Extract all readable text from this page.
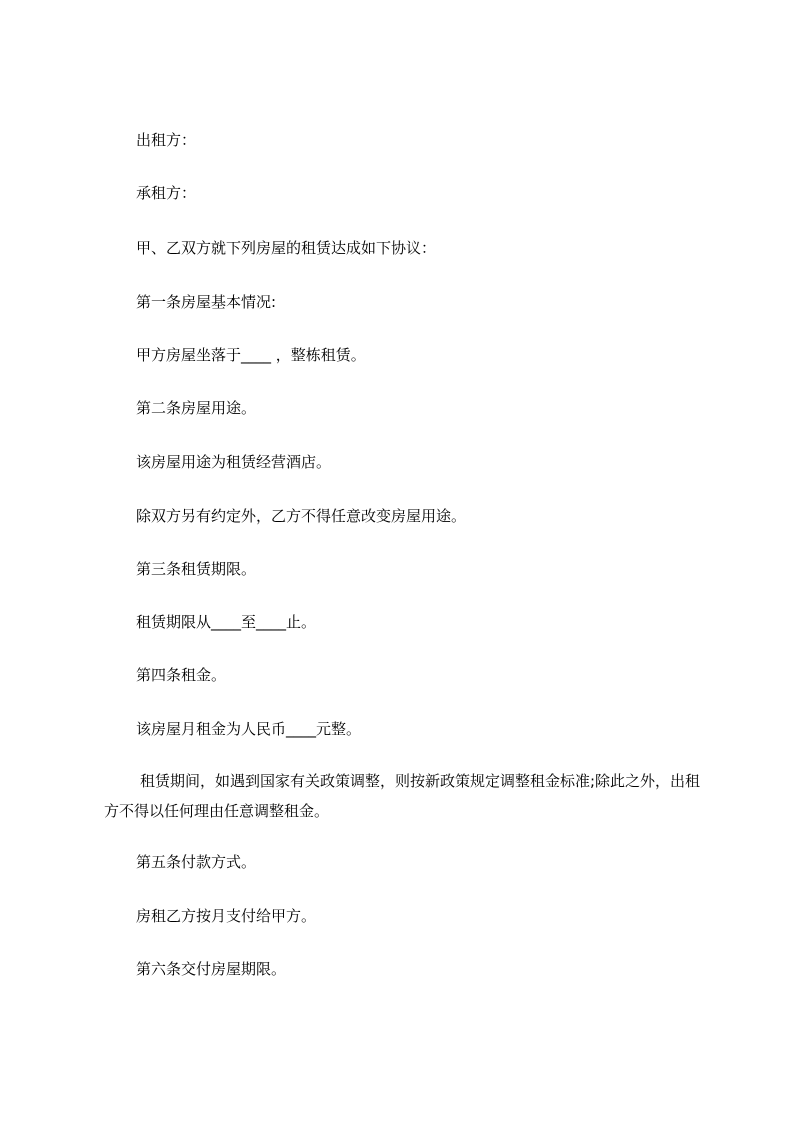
出租方：
承租方：
甲、乙双方就下列房屋的租赁达成如下协议：
第一条房屋基本情况:
甲方房屋坐落于____ ，整栋租赁。
第二条房屋用途。
该房屋用途为租赁经营酒店。
除双方另有约定外，乙方不得任意改变房屋用途。
第三条租赁期限。
租赁期限从____至____止。
第四条租金。
该房屋月租金为人民币____元整。
租赁期间，如遇到国家有关政策调整，则按新政策规定调整租金标准;除此之外，出租方不得以任何理由任意调整租金。
第五条付款方式。
房租乙方按月支付给甲方。
第六条交付房屋期限。
